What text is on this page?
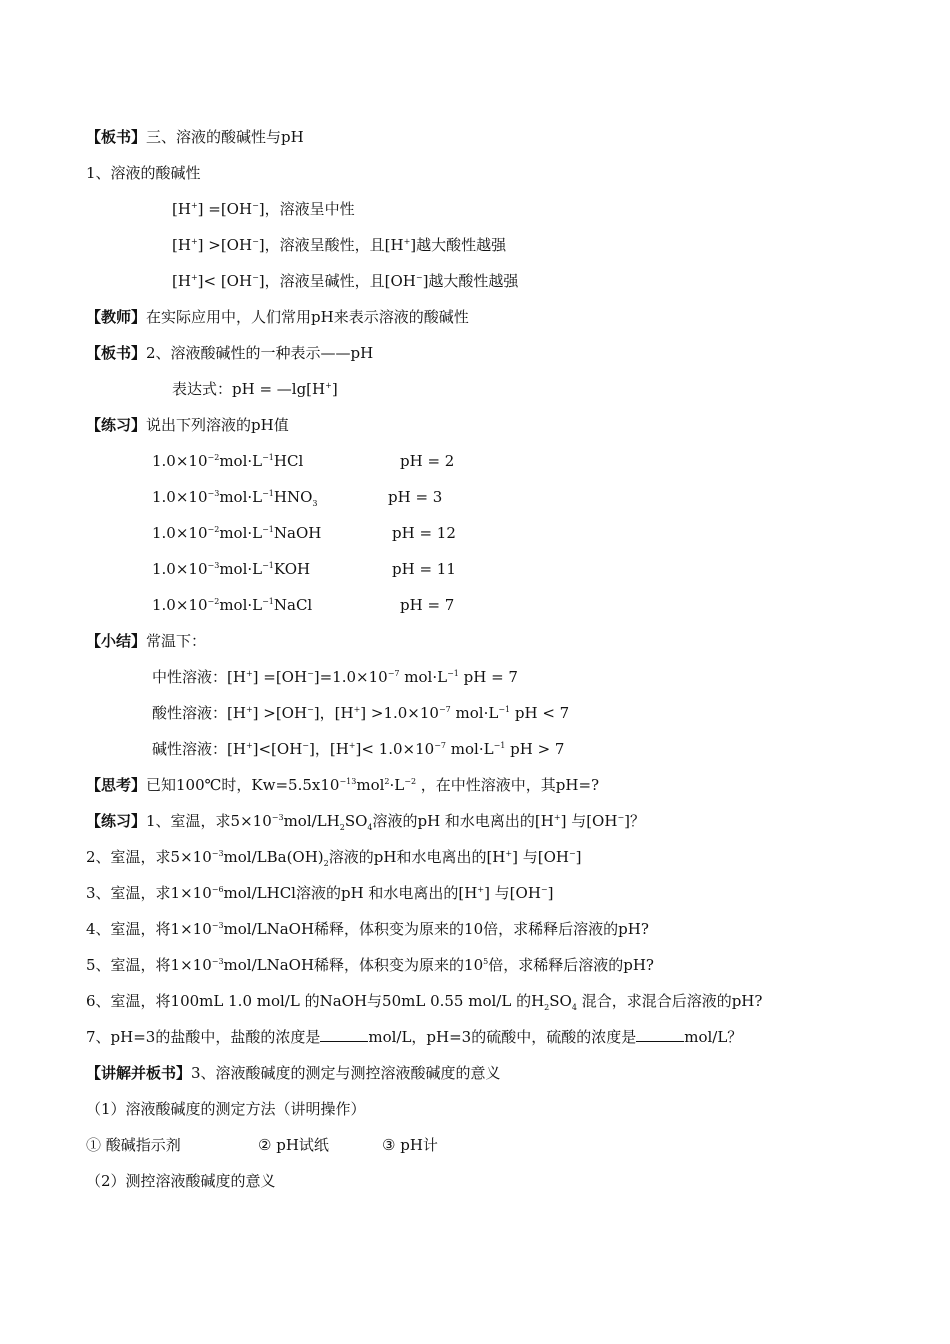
【板书】三、溶液的酸碱性与pH
1、溶液的酸碱性
[H+] =[OH−]，溶液呈中性
[H+] >[OH−]，溶液呈酸性，且[H+]越大酸性越强
[H+]< [OH−]，溶液呈碱性，且[OH−]越大酸性越强
【教师】在实际应用中，人们常用pH来表示溶液的酸碱性
【板书】2、溶液酸碱性的一种表示——pH
表达式：pH = —lg[H+]
【练习】说出下列溶液的pH值
$1.0\times 10^{-2}mol\cdot L^{-1}HCl$	pH = 2
$1.0\times 10^{-3}mol\cdot L^{-1}HNO_3$	pH = 3
$1.0\times 10^{-2}mol\cdot L^{-1}NaOH$	pH = 12
$1.0\times 10^{-3}mol\cdot L^{-1}KOH$	pH = 11
$1.0\times 10^{-2}mol\cdot L^{-1}NaCl$	pH = 7
【小结】常温下：
中性溶液：$[H^+] =[OH^-]=1.0\times 10^{-7}$ $mol\cdot L^{-1}$ pH = 7
酸性溶液：[H+] >[OH−]，$[H^+] >1.0\times 10^{-7}$ $mol\cdot L^{-1}$ pH < 7
碱性溶液：[H+]<[OH−]，$[H^+]< 1.0\times 10^{-7}$ $mol\cdot L^{-1}$ pH > 7
【思考】已知100℃时，$Kw=5.5x10^{-13}mol^2\cdot L^{-2}$ ，在中性溶液中，其pH=?
【练习】1、室温，求$5\times 10^{-3}mol/LH_2SO_4$溶液的pH 和水电离出的[H+] 与[OH−]？
2、室温，求$5\times 10^{-3}mol/LBa(OH)_2$溶液的pH和水电离出的[H+] 与[OH−]
3、室温，求$1\times 10^{-6}mol$/LHCl溶液的pH 和水电离出的[H+] 与[OH−]
4、室温，将$1\times 10^{-3}mol$/LNaOH稀释，体积变为原来的10倍，求稀释后溶液的pH?
5、室温，将$1\times 10^{-3}mol$/LNaOH稀释，体积变为原来的$10^5$倍，求稀释后溶液的pH?
6、室温，将100mL 1.0 mol/L 的NaOH与50mL 0.55 mol/L 的$H_2SO_4$ 混合，求混合后溶液的pH?
7、pH=3的盐酸中，盐酸的浓度是	mol/L，pH=3的硫酸中，硫酸的浓度是	mol/L？
【讲解并板书】3、溶液酸碱度的测定与测控溶液酸碱度的意义
（1）溶液酸碱度的测定方法（讲明操作）
① 酸碱指示剂	② pH试纸	③ pH计
（2）测控溶液酸碱度的意义
